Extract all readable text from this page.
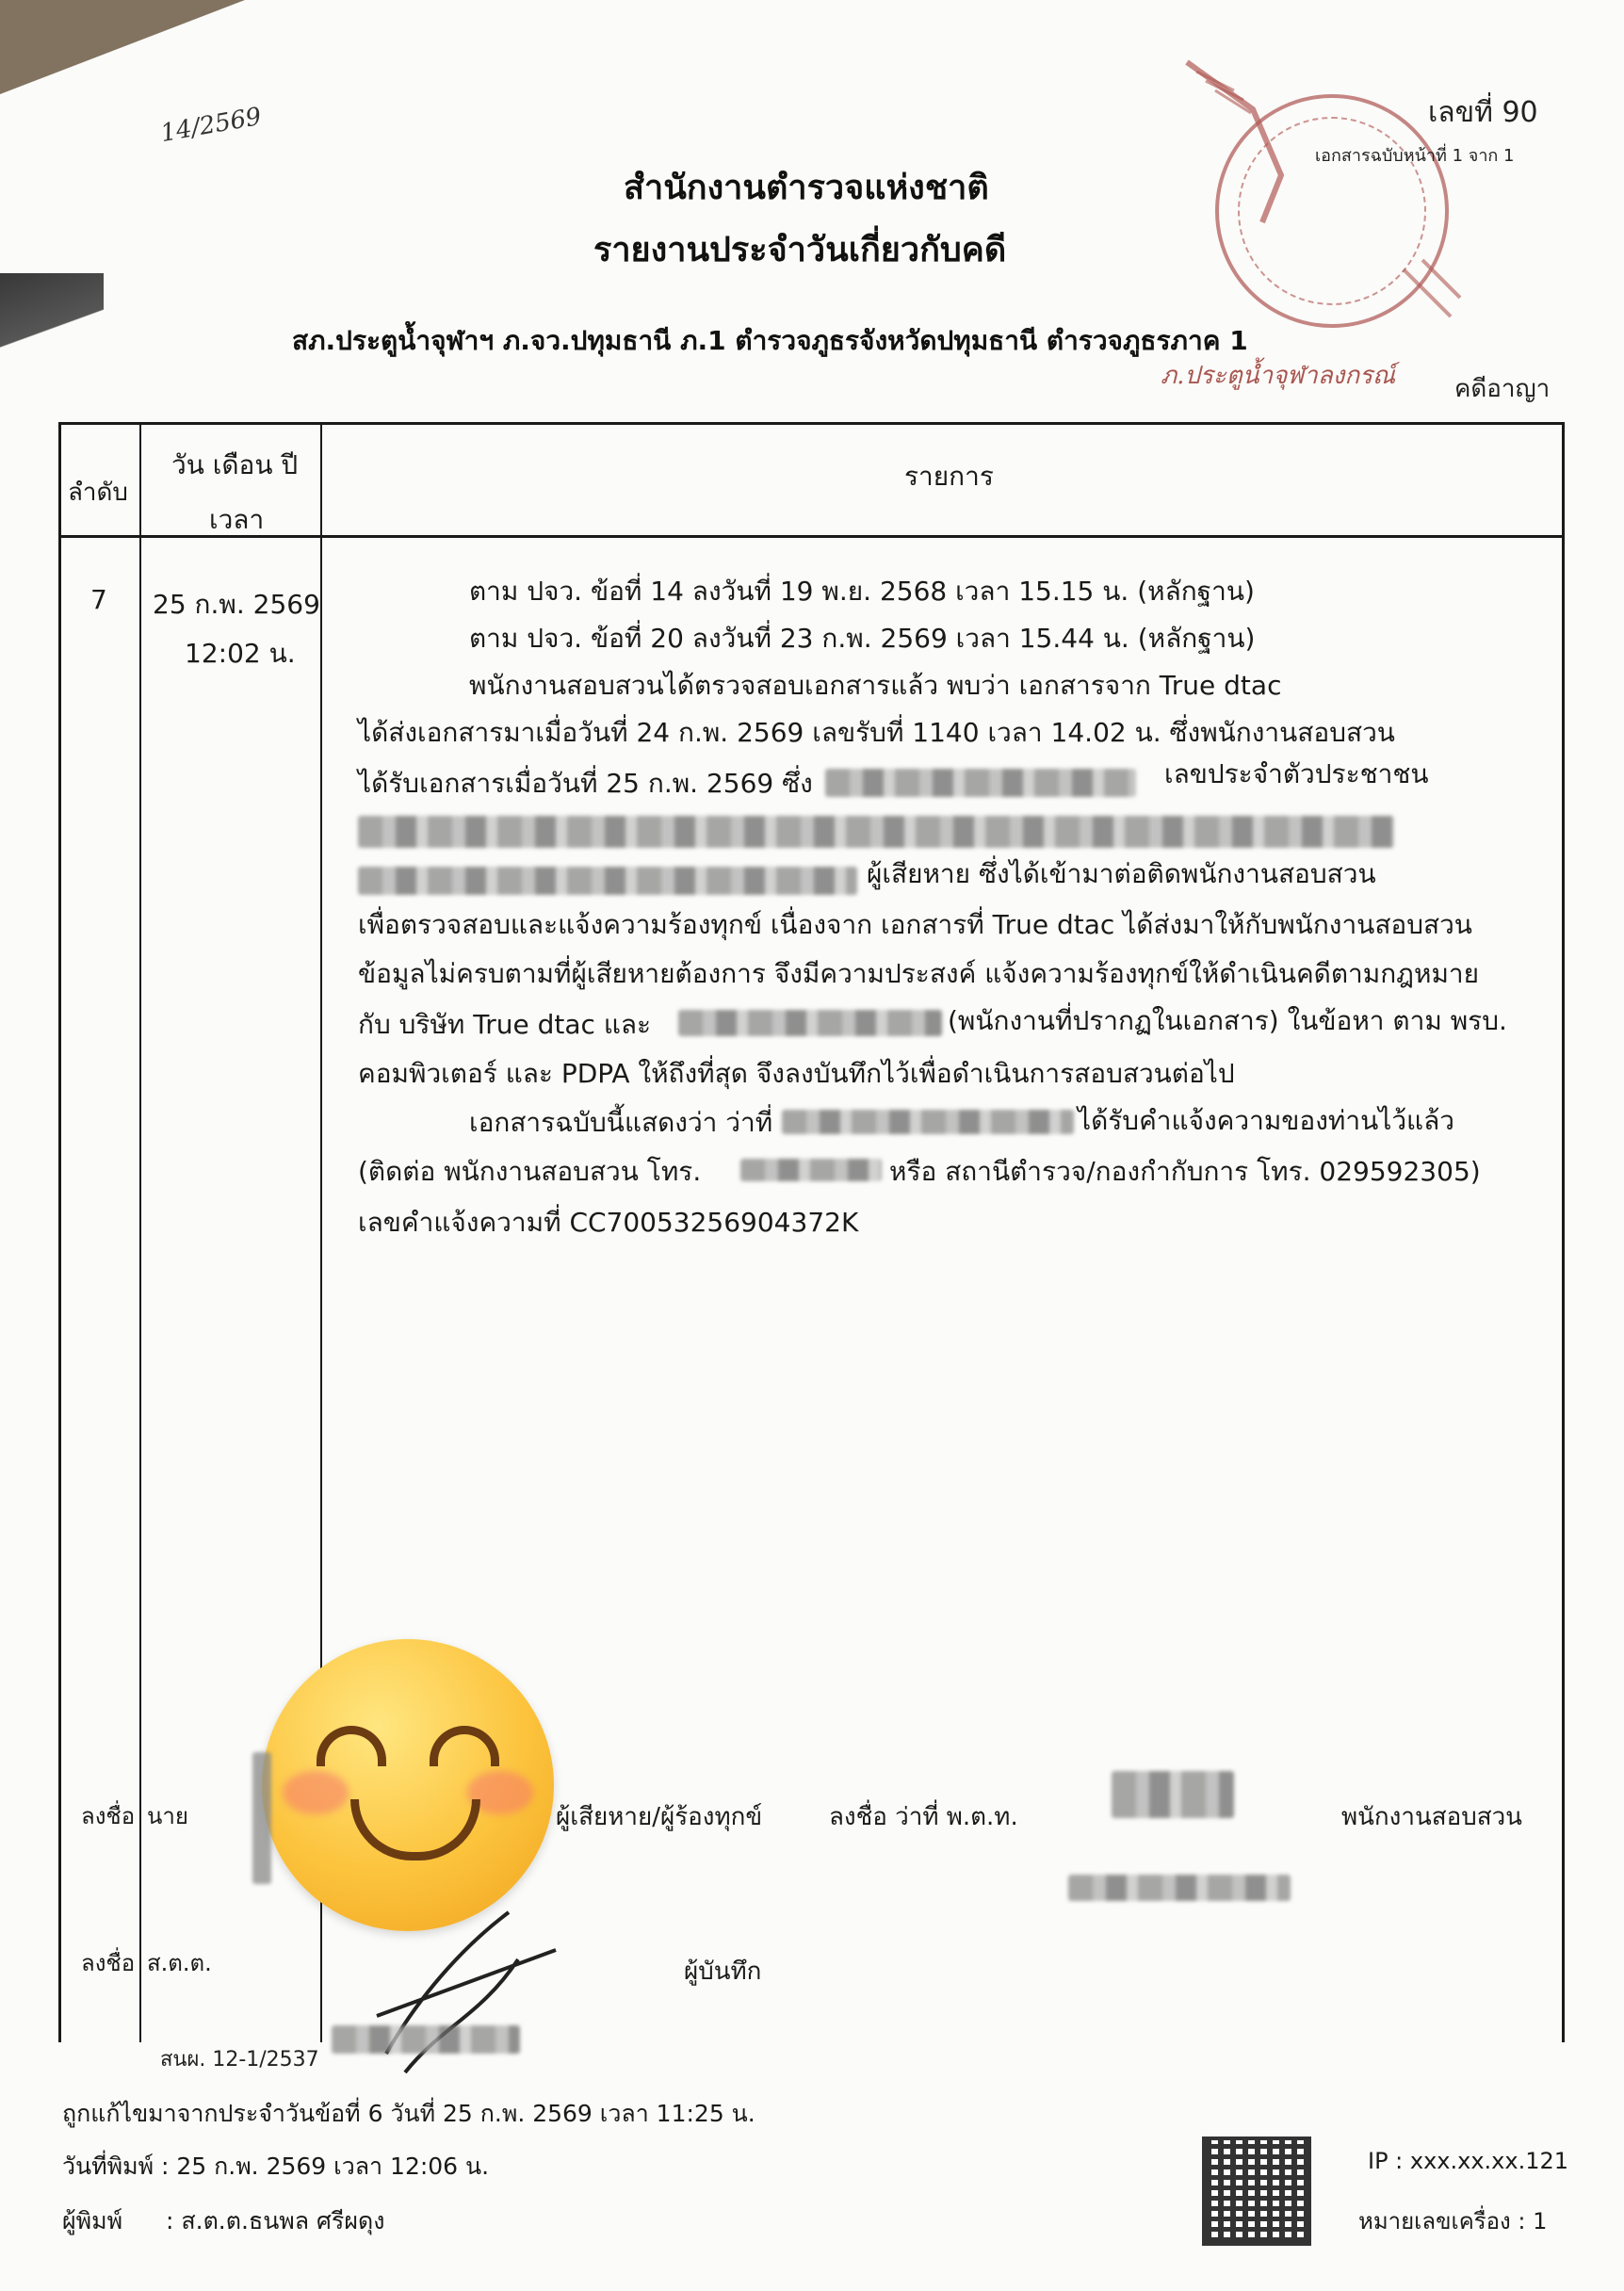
14/2569	เลขที่ 90
เอกสารฉบับหน้าที่ 1 จาก 1
สำนักงานตำรวจแห่งชาติ
รายงานประจำวันเกี่ยวกับคดี
สภ.ประตูน้ำจุฬาฯ ภ.จว.ปทุมธานี ภ.1 ตำรวจภูธรจังหวัดปทุมธานี ตำรวจภูธรภาค 1
ภ.ประตูน้ำจุฬาลงกรณ์ คดีอาญา
ลำดับ
วัน เดือน ปี
เวลา
รายการ
7 25 ก.พ. 2569
12:02 น.
ตาม ปจว. ข้อที่ 14 ลงวันที่ 19 พ.ย. 2568 เวลา 15.15 น. (หลักฐาน)
ตาม ปจว. ข้อที่ 20 ลงวันที่ 23 ก.พ. 2569 เวลา 15.44 น. (หลักฐาน)
พนักงานสอบสวนได้ตรวจสอบเอกสารแล้ว พบว่า เอกสารจาก True dtac
ได้ส่งเอกสารมาเมื่อวันที่ 24 ก.พ. 2569 เลขรับที่ 1140 เวลา 14.02 น. ซึ่งพนักงานสอบสวน
ได้รับเอกสารเมื่อวันที่ 25 ก.พ. 2569 ซึ่ง	เลขประจำตัวประชาชน
ผู้เสียหาย ซึ่งได้เข้ามาต่อติดพนักงานสอบสวน
เพื่อตรวจสอบและแจ้งความร้องทุกข์ เนื่องจาก เอกสารที่ True dtac ได้ส่งมาให้กับพนักงานสอบสวน
ข้อมูลไม่ครบตามที่ผู้เสียหายต้องการ จึงมีความประสงค์ แจ้งความร้องทุกข์ให้ดำเนินคดีตามกฎหมาย
กับ บริษัท True dtac และ	(พนักงานที่ปรากฏในเอกสาร) ในข้อหา ตาม พรบ.
คอมพิวเตอร์ และ PDPA ให้ถึงที่สุด จึงลงบันทึกไว้เพื่อดำเนินการสอบสวนต่อไป
เอกสารฉบับนี้แสดงว่า ว่าที่	ได้รับคำแจ้งความของท่านไว้แล้ว
(ติดต่อ พนักงานสอบสวน โทร.	หรือ สถานีตำรวจ/กองกำกับการ โทร. 029592305)
เลขคำแจ้งความที่ CC70053256904372K
ลงชื่อ นาย	ผู้เสียหาย/ผู้ร้องทุกข์	ลงชื่อ ว่าที่ พ.ต.ท.	พนักงานสอบสวน
ลงชื่อ ส.ต.ต.	ผู้บันทึก
สนผ. 12-1/2537
ถูกแก้ไขมาจากประจำวันข้อที่ 6 วันที่ 25 ก.พ. 2569 เวลา 11:25 น.
วันที่พิมพ์ : 25 ก.พ. 2569 เวลา 12:06 น.
ผู้พิมพ์ : ส.ต.ต.ธนพล ศรีผดุง
IP : xxx.xx.xx.121
หมายเลขเครื่อง : 1
